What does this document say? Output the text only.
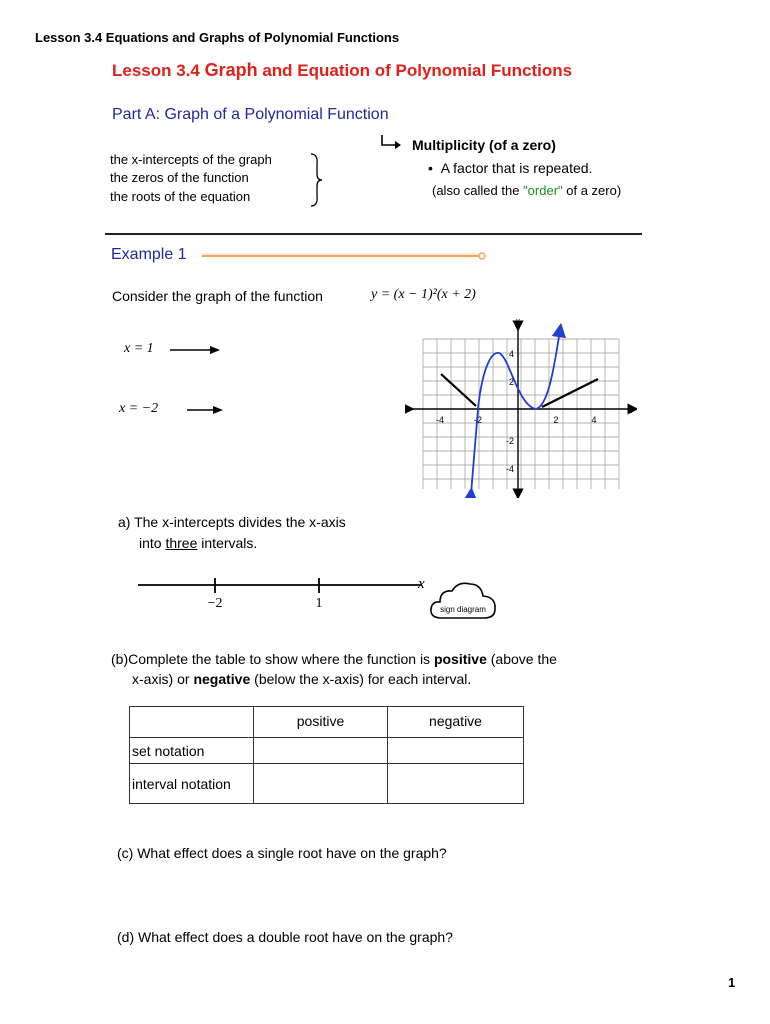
Lesson 3.4 Equations and Graphs of Polynomial Functions
Lesson 3.4 Graph and Equation of Polynomial Functions
Part A: Graph of a Polynomial Function
the x-intercepts of the graph
the zeros of the function
the roots of the equation
Multiplicity (of a zero)
• A factor that is repeated.
(also called the "order" of a zero)
Example 1
Consider the graph of the function	y = (x − 1)²(x + 2)
x = 1
x = −2
y
x
-4	-2	2	4
4
2
-2
-4
a) The x-intercepts divides the x-axis
into three intervals.
−2	1
x
sign diagram
(b)Complete the table to show where the function is positive (above the
x-axis) or negative (below the x-axis) for each interval.
	positive	negative
set notation		
interval notation		
(c) What effect does a single root have on the graph?
(d) What effect does a double root have on the graph?
1
